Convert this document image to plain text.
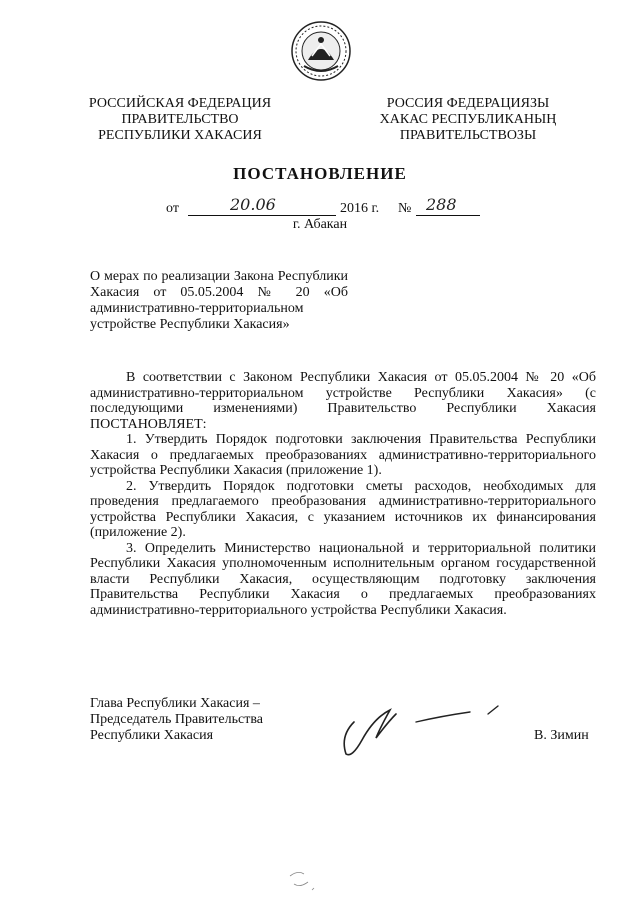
РОССИЙСКАЯ ФЕДЕРАЦИЯ
ПРАВИТЕЛЬСТВО
РЕСПУБЛИКИ ХАКАСИЯ
РОССИЯ ФЕДЕРАЦИЯЗЫ
ХАКАС РЕСПУБЛИКАНЫҢ
ПРАВИТЕЛЬСТВОЗЫ
ПОСТАНОВЛЕНИЕ
от	20.06	2016 г. № 288
г. Абакан
О мерах по реализации Закона Республики Хакасия от 05.05.2004 № 20 «Об административно-территориальном устройстве Республики Хакасия»

В соответствии с Законом Республики Хакасия от 05.05.2004 № 20 «Об административно-территориальном устройстве Республики Хакасия» (с последующими изменениями) Правительство Республики Хакасия ПОСТАНОВЛЯЕТ:

1. Утвердить Порядок подготовки заключения Правительства Республики Хакасия о предлагаемых преобразованиях административно-территориального устройства Республики Хакасия (приложение 1).

2. Утвердить Порядок подготовки сметы расходов, необходимых для проведения предлагаемого преобразования административно-территориального устройства Республики Хакасия, с указанием источников их финансирования (приложение 2).

3. Определить Министерство национальной и территориальной политики Республики Хакасия уполномоченным исполнительным органом государственной власти Республики Хакасия, осуществляющим подготовку заключения Правительства Республики Хакасия о предлагаемых преобразованиях административно-территориального устройства Республики Хакасия.

Глава Республики Хакасия –
Председатель Правительства
Республики Хакасия	В. Зимин
